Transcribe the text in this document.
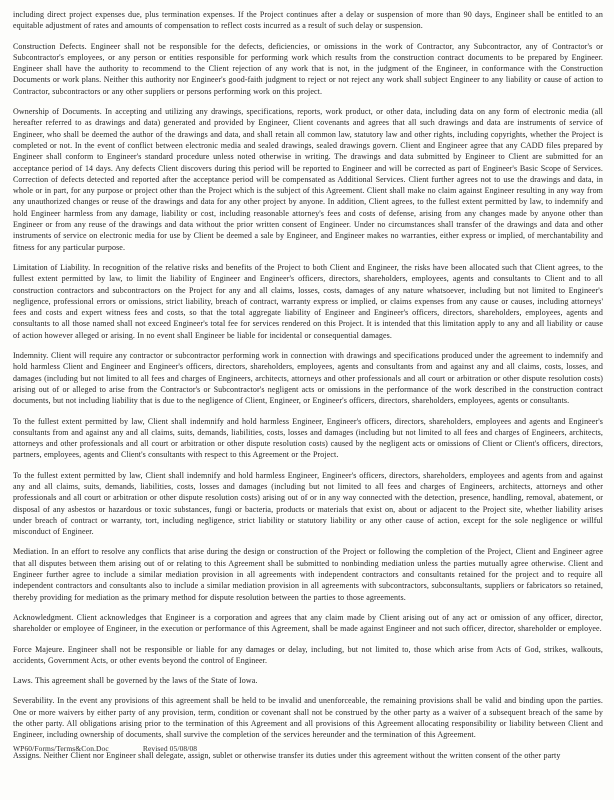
including direct project expenses due, plus termination expenses. If the Project continues after a delay or suspension of more than 90 days, Engineer shall be entitled to an equitable adjustment of rates and amounts of compensation to reflect costs incurred as a result of such delay or suspension.

Construction Defects. Engineer shall not be responsible for the defects, deficiencies, or omissions in the work of Contractor, any Subcontractor, any of Contractor's or Subcontractor's employees, or any person or entities responsible for performing work which results from the construction contract documents to be prepared by Engineer. Engineer shall have the authority to recommend to the Client rejection of any work that is not, in the judgment of the Engineer, in conformance with the Construction Documents or work plans. Neither this authority nor Engineer's good-faith judgment to reject or not reject any work shall subject Engineer to any liability or cause of action to Contractor, subcontractors or any other suppliers or persons performing work on this project.

Ownership of Documents. In accepting and utilizing any drawings, specifications, reports, work product, or other data, including data on any form of electronic media (all hereafter referred to as drawings and data) generated and provided by Engineer, Client covenants and agrees that all such drawings and data are instruments of service of Engineer, who shall be deemed the author of the drawings and data, and shall retain all common law, statutory law and other rights, including copyrights, whether the Project is completed or not. In the event of conflict between electronic media and sealed drawings, sealed drawings govern. Client and Engineer agree that any CADD files prepared by Engineer shall conform to Engineer's standard procedure unless noted otherwise in writing. The drawings and data submitted by Engineer to Client are submitted for an acceptance period of 14 days. Any defects Client discovers during this period will be reported to Engineer and will be corrected as part of Engineer's Basic Scope of Services. Correction of defects detected and reported after the acceptance period will be compensated as Additional Services. Client further agrees not to use the drawings and data, in whole or in part, for any purpose or project other than the Project which is the subject of this Agreement. Client shall make no claim against Engineer resulting in any way from any unauthorized changes or reuse of the drawings and data for any other project by anyone. In addition, Client agrees, to the fullest extent permitted by law, to indemnify and hold Engineer harmless from any damage, liability or cost, including reasonable attorney's fees and costs of defense, arising from any changes made by anyone other than Engineer or from any reuse of the drawings and data without the prior written consent of Engineer. Under no circumstances shall transfer of the drawings and data and other instruments of service on electronic media for use by Client be deemed a sale by Engineer, and Engineer makes no warranties, either express or implied, of merchantability and fitness for any particular purpose.

Limitation of Liability. In recognition of the relative risks and benefits of the Project to both Client and Engineer, the risks have been allocated such that Client agrees, to the fullest extent permitted by law, to limit the liability of Engineer and Engineer's officers, directors, shareholders, employees, agents and consultants to Client and to all construction contractors and subcontractors on the Project for any and all claims, losses, costs, damages of any nature whatsoever, including but not limited to Engineer's negligence, professional errors or omissions, strict liability, breach of contract, warranty express or implied, or claims expenses from any cause or causes, including attorneys' fees and costs and expert witness fees and costs, so that the total aggregate liability of Engineer and Engineer's officers, directors, shareholders, employees, agents and consultants to all those named shall not exceed Engineer's total fee for services rendered on this Project. It is intended that this limitation apply to any and all liability or cause of action however alleged or arising. In no event shall Engineer be liable for incidental or consequential damages.

Indemnity. Client will require any contractor or subcontractor performing work in connection with drawings and specifications produced under the agreement to indemnify and hold harmless Client and Engineer and Engineer's officers, directors, shareholders, employees, agents and consultants from and against any and all claims, costs, losses, and damages (including but not limited to all fees and charges of Engineers, architects, attorneys and other professionals and all court or arbitration or other dispute resolution costs) arising out of or alleged to arise from the Contractor's or Subcontractor's negligent acts or omissions in the performance of the work described in the construction contract documents, but not including liability that is due to the negligence of Client, Engineer, or Engineer's officers, directors, shareholders, employees, agents or consultants.

To the fullest extent permitted by law, Client shall indemnify and hold harmless Engineer, Engineer's officers, directors, shareholders, employees and agents and Engineer's consultants from and against any and all claims, suits, demands, liabilities, costs, losses and damages (including but not limited to all fees and charges of Engineers, architects, attorneys and other professionals and all court or arbitration or other dispute resolution costs) caused by the negligent acts or omissions of Client or Client's officers, directors, partners, employees, agents and Client's consultants with respect to this Agreement or the Project.

To the fullest extent permitted by law, Client shall indemnify and hold harmless Engineer, Engineer's officers, directors, shareholders, employees and agents from and against any and all claims, suits, demands, liabilities, costs, losses and damages (including but not limited to all fees and charges of Engineers, architects, attorneys and other professionals and all court or arbitration or other dispute resolution costs) arising out of or in any way connected with the detection, presence, handling, removal, abatement, or disposal of any asbestos or hazardous or toxic substances, fungi or bacteria, products or materials that exist on, about or adjacent to the Project site, whether liability arises under breach of contract or warranty, tort, including negligence, strict liability or statutory liability or any other cause of action, except for the sole negligence or willful misconduct of Engineer.

Mediation. In an effort to resolve any conflicts that arise during the design or construction of the Project or following the completion of the Project, Client and Engineer agree that all disputes between them arising out of or relating to this Agreement shall be submitted to nonbinding mediation unless the parties mutually agree otherwise. Client and Engineer further agree to include a similar mediation provision in all agreements with independent contractors and consultants retained for the project and to require all independent contractors and consultants also to include a similar mediation provision in all agreements with subcontractors, subconsultants, suppliers or fabricators so retained, thereby providing for mediation as the primary method for dispute resolution between the parties to those agreements.

Acknowledgment. Client acknowledges that Engineer is a corporation and agrees that any claim made by Client arising out of any act or omission of any officer, director, shareholder or employee of Engineer, in the execution or performance of this Agreement, shall be made against Engineer and not such officer, director, shareholder or employee.

Force Majeure. Engineer shall not be responsible or liable for any damages or delay, including, but not limited to, those which arise from Acts of God, strikes, walkouts, accidents, Government Acts, or other events beyond the control of Engineer.

Laws. This agreement shall be governed by the laws of the State of Iowa.

Severability. In the event any provisions of this agreement shall be held to be invalid and unenforceable, the remaining provisions shall be valid and binding upon the parties. One or more waivers by either party of any provision, term, condition or covenant shall not be construed by the other party as a waiver of a subsequent breach of the same by the other party. All obligations arising prior to the termination of this Agreement and all provisions of this Agreement allocating responsibility or liability between Client and Engineer, including ownership of documents, shall survive the completion of the services hereunder and the termination of this Agreement.

Assigns. Neither Client nor Engineer shall delegate, assign, sublet or otherwise transfer its duties under this agreement without the written consent of the other party

WP60/Forms/Terms&Con.Doc	Revised 05/08/08
